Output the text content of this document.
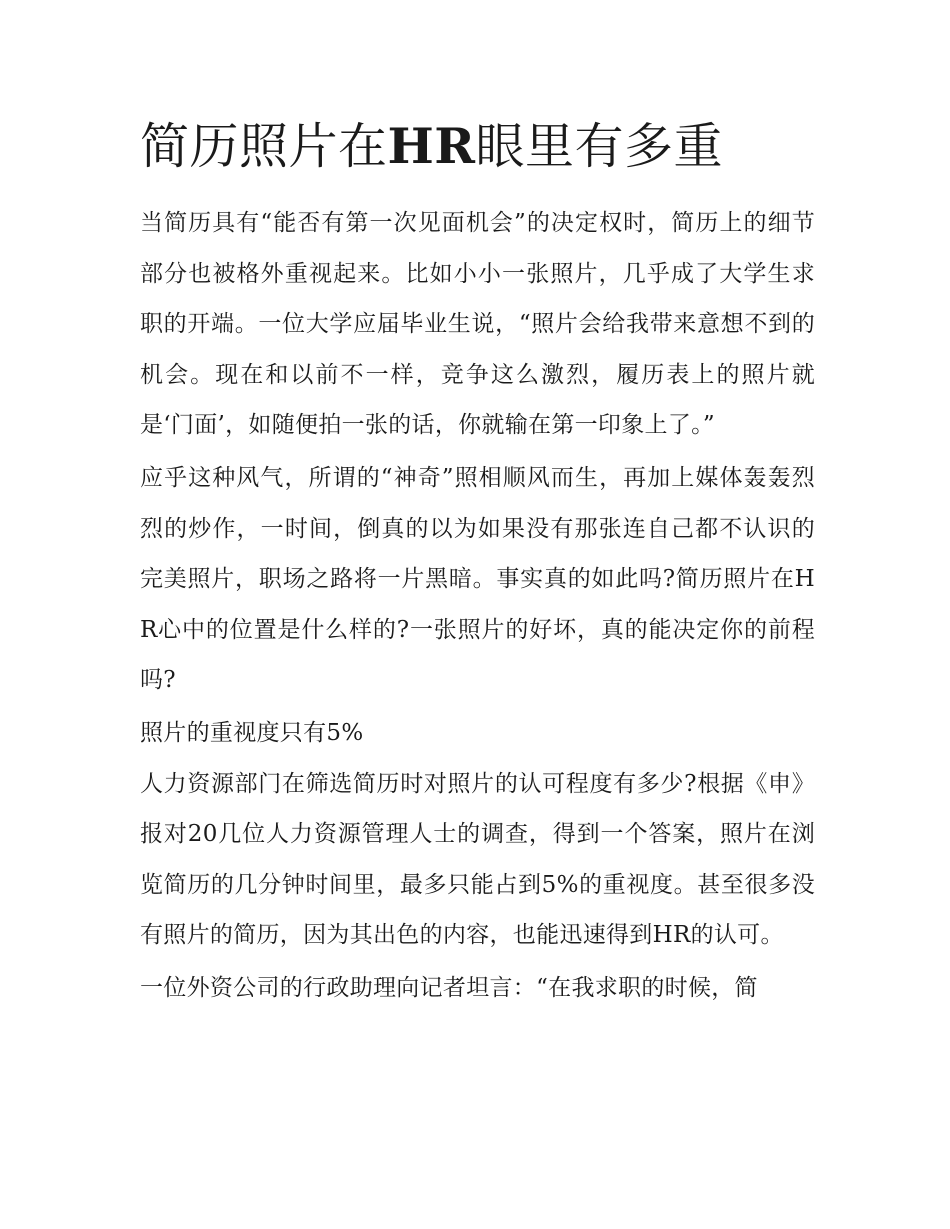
简历照片在HR眼里有多重

当简历具有“能否有第一次见面机会”的决定权时，简历上的细节部分也被格外重视起来。比如小小一张照片，几乎成了大学生求职的开端。一位大学应届毕业生说，“照片会给我带来意想不到的机会。现在和以前不一样，竞争这么激烈，履历表上的照片就是‘门面’，如随便拍一张的话，你就输在第一印象上了。”

应乎这种风气，所谓的“神奇”照相顺风而生，再加上媒体轰轰烈烈的炒作，一时间，倒真的以为如果没有那张连自己都不认识的完美照片，职场之路将一片黑暗。事实真的如此吗?简历照片在HR心中的位置是什么样的?一张照片的好坏，真的能决定你的前程吗?

照片的重视度只有5%

人力资源部门在筛选简历时对照片的认可程度有多少?根据《申》报对20几位人力资源管理人士的调查，得到一个答案，照片在浏览简历的几分钟时间里，最多只能占到5%的重视度。甚至很多没有照片的简历，因为其出色的内容，也能迅速得到HR的认可。

一位外资公司的行政助理向记者坦言：“在我求职的时候，简
